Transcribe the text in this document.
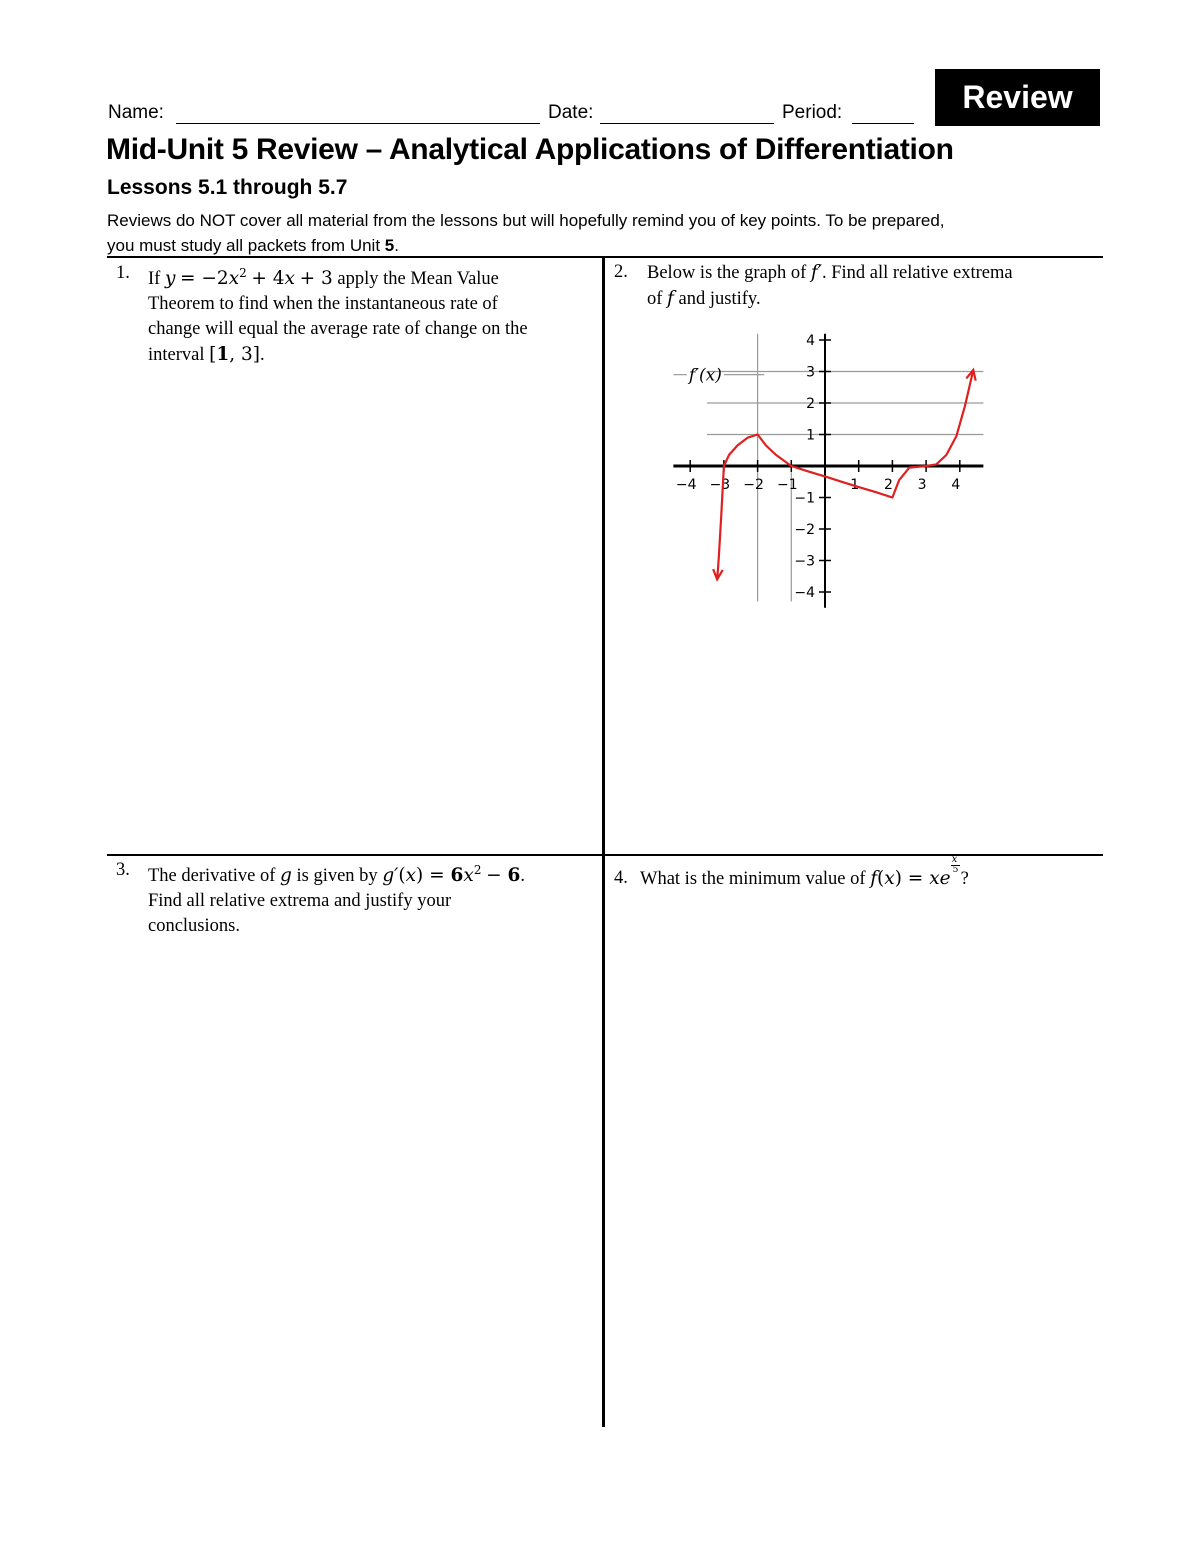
Name:	Date:	Period:	Review
Mid-Unit 5 Review – Analytical Applications of Differentiation
Lessons 5.1 through 5.7
Reviews do NOT cover all material from the lessons but will hopefully remind you of key points. To be prepared,
you must study all packets from Unit 5.
1. If $y = -2x^2 + 4x + 3$ apply the Mean Value
Theorem to find when the instantaneous rate of
change will equal the average rate of change on the
interval [1, 3].
2. Below is the graph of f′. Find all relative extrema
of f and justify.
−4 −3 −2 −1	1 2 3 4
4
3
2
1
−1
−2
−3
−4
f′(x)
3. The derivative of g is given by $g'(x) = 6x^2 - 6$.
Find all relative extrema and justify your
conclusions.
4. What is the minimum value of f(x) = xe $\frac{x}{5}$ ?
